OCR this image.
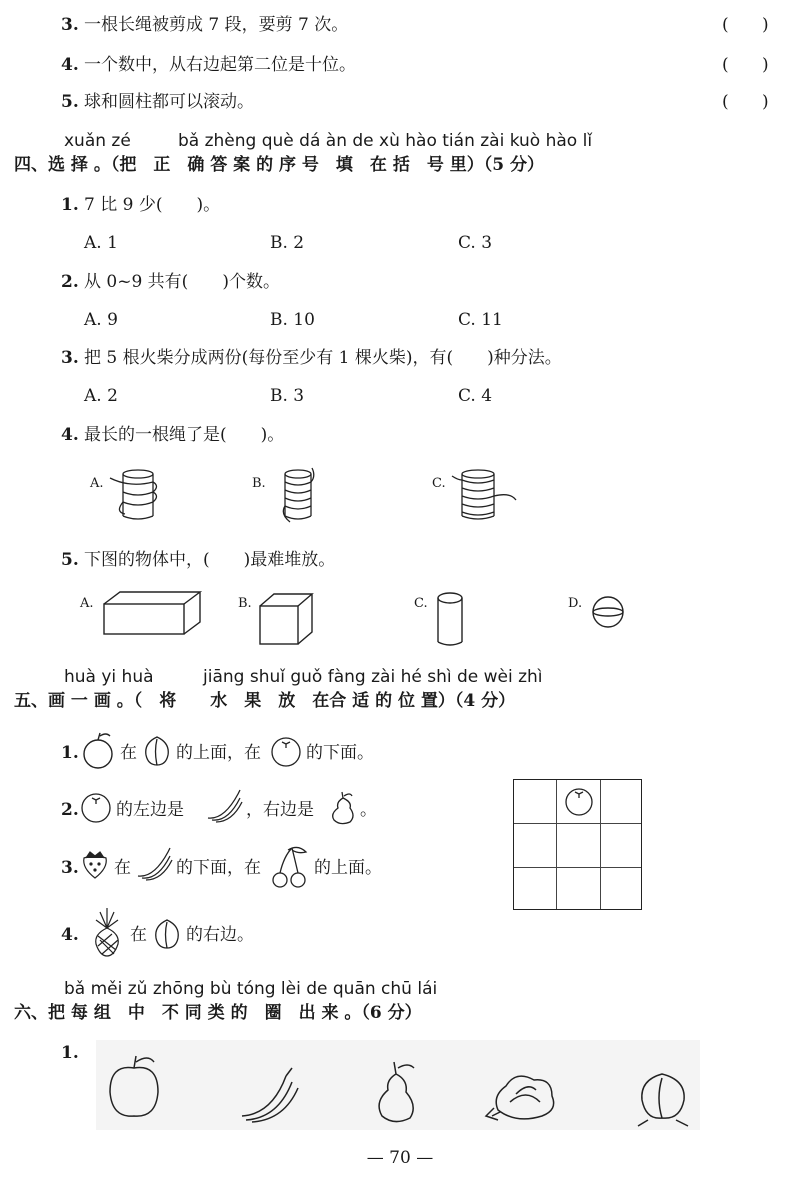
3. 一根长绳被剪成 7 段，要剪 7 次。	( )
4. 一个数中，从右边起第二位是十位。	( )
5. 球和圆柱都可以滚动。	( )
xuǎn zé	bǎ zhèng què dá àn de xù hào tián zài kuò hào lǐ
四、选 择 。（把　正　确 答 案 的 序 号　填　在 括　号 里）（5 分）
1. 7 比 9 少(　　)。
A. 1	B. 2	C. 3
2. 从 0~9 共有(　　)个数。
A. 9	B. 10	C. 11
3. 把 5 根火柴分成两份(每份至少有 1 棵火柴)，有(　　)种分法。
A. 2	B. 3	C. 4
4. 最长的一根绳了是(　　)。
A.	B.	C.
5. 下图的物体中，(　　)最难堆放。
A.	B.	C.	D.
huà yi huà	jiāng shuǐ guǒ fàng zài hé shì de wèi zhì
五、画 一 画 。（　将　　水　果　放　在合 适 的 位 置）（4 分）
1. 在 的上面，在	的下面。
2. 的左边是	，右边是	。
3. 在	的下面，在	的上面。
4.	在 的右边。
bǎ měi zǔ zhōng bù tóng lèi de quān chū lái
六、把 每 组　中　不 同 类 的　圈　出 来 。（6 分）
1.
— 70 —
